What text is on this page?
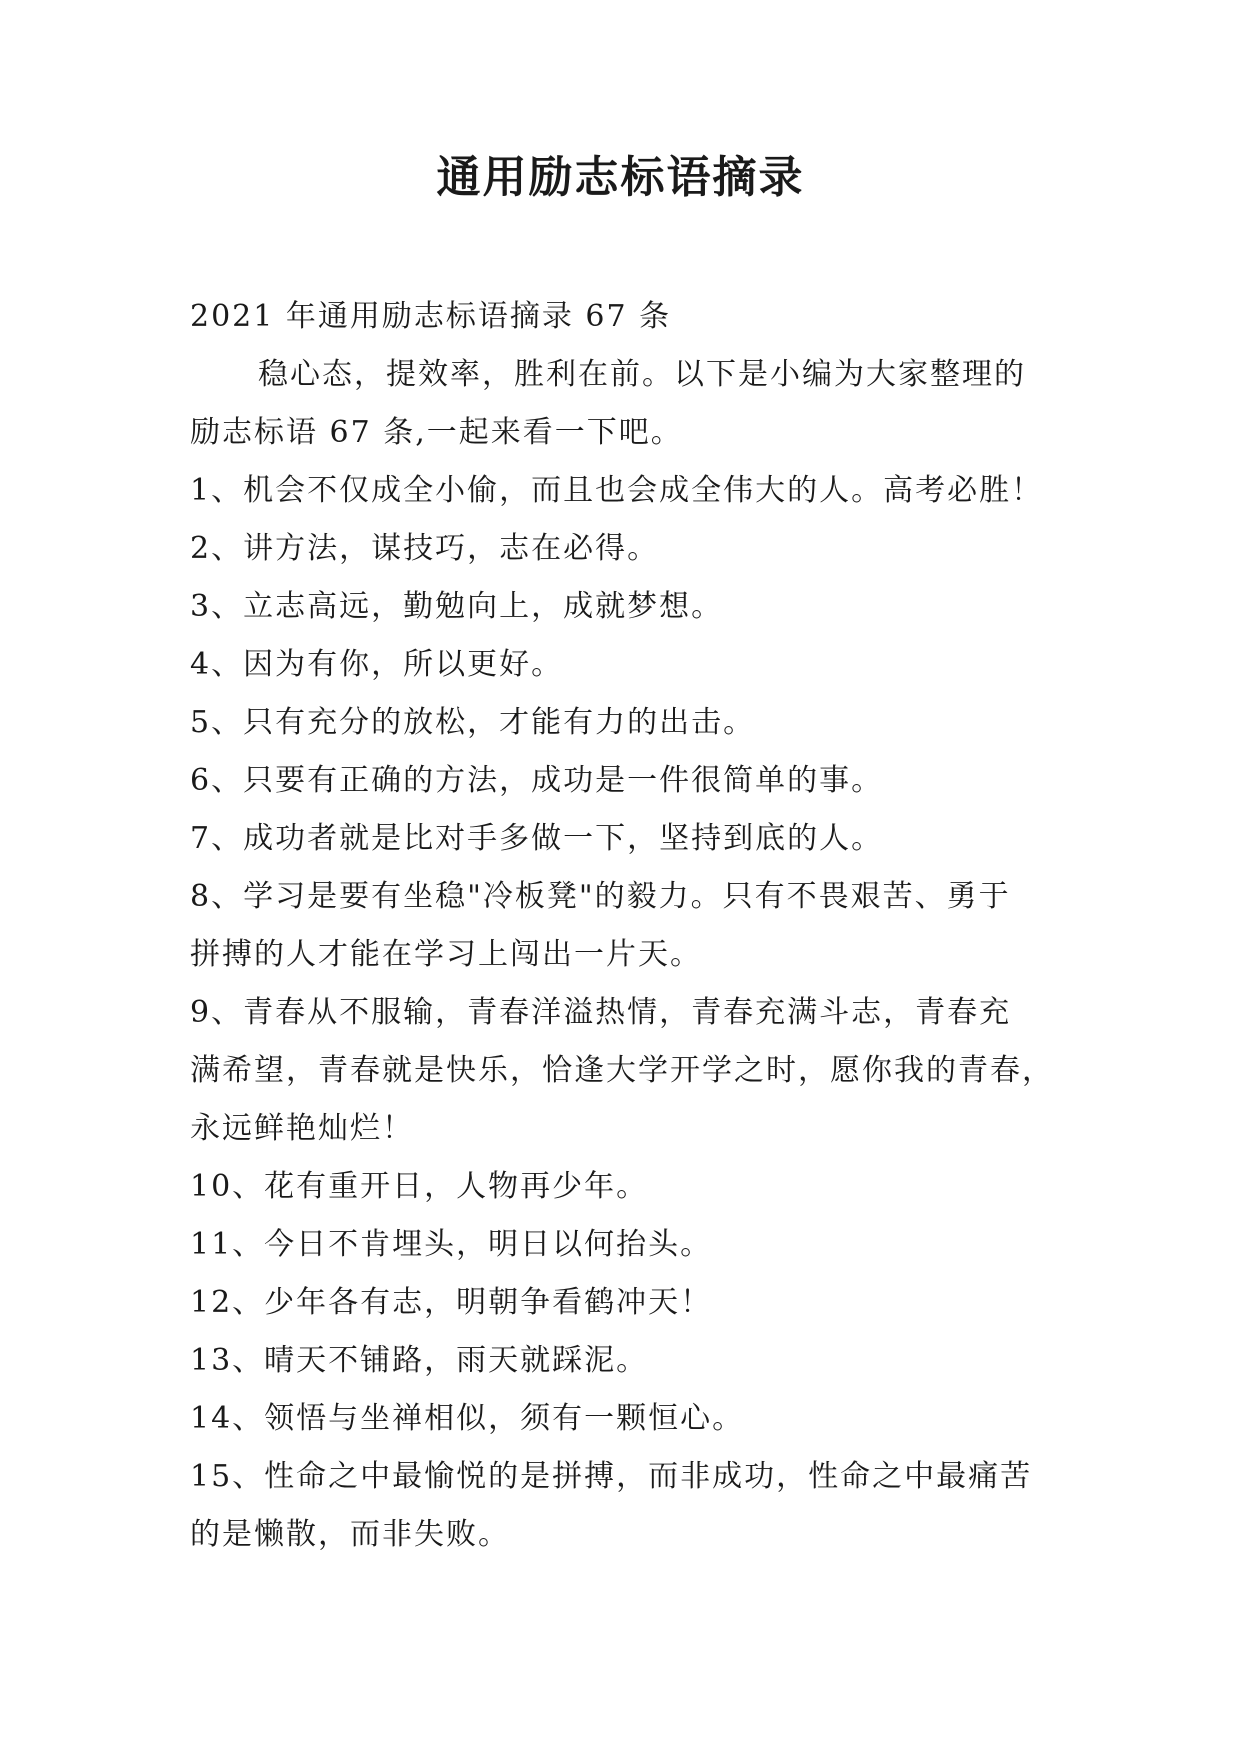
通用励志标语摘录
2021 年通用励志标语摘录 67 条
稳心态，提效率，胜利在前。以下是小编为大家整理的
励志标语 67 条,一起来看一下吧。
1、机会不仅成全小偷，而且也会成全伟大的人。高考必胜！
2、讲方法，谋技巧，志在必得。
3、立志高远，勤勉向上，成就梦想。
4、因为有你，所以更好。
5、只有充分的放松，才能有力的出击。
6、只要有正确的方法，成功是一件很简单的事。
7、成功者就是比对手多做一下，坚持到底的人。
8、学习是要有坐稳"冷板凳"的毅力。只有不畏艰苦、勇于
拼搏的人才能在学习上闯出一片天。
9、青春从不服输，青春洋溢热情，青春充满斗志，青春充
满希望，青春就是快乐，恰逢大学开学之时，愿你我的青春，
永远鲜艳灿烂！
10、花有重开日，人物再少年。
11、今日不肯埋头，明日以何抬头。
12、少年各有志，明朝争看鹤冲天！
13、晴天不铺路，雨天就踩泥。
14、领悟与坐禅相似，须有一颗恒心。
15、性命之中最愉悦的是拼搏，而非成功，性命之中最痛苦
的是懒散，而非失败。
